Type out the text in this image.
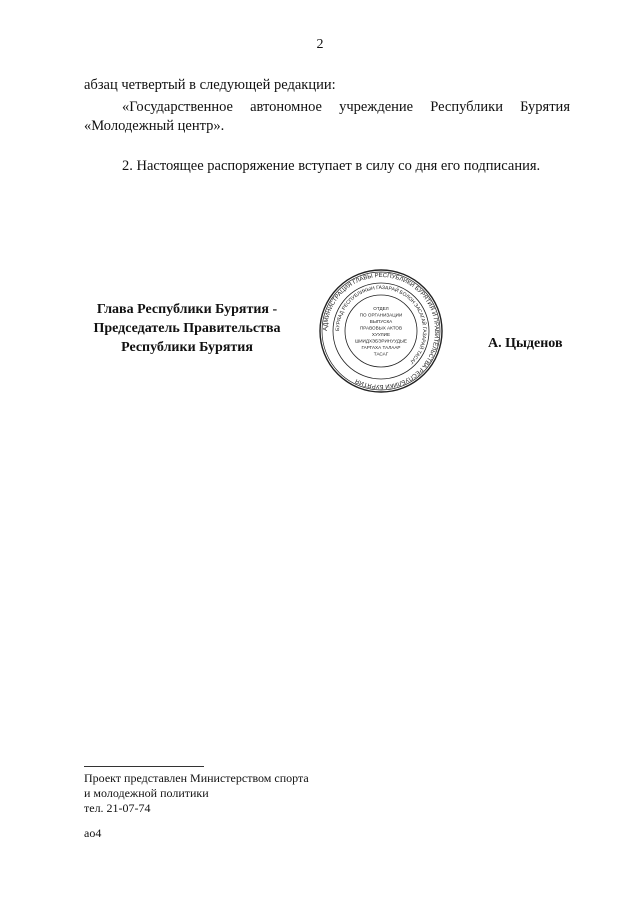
2
абзац четвертый в следующей редакции:
«Государственное автономное учреждение Республики Бурятия «Молодежный центр».
2. Настоящее распоряжение вступает в силу со дня его подписания.
Глава Республики Бурятия -
Председатель Правительства
Республики Бурятия
АДМИНИСТРАЦИЯ ГЛАВЫ РЕСПУБЛИКИ БУРЯТИЯ И ПРАВИТЕЛЬСТВА РЕСПУБЛИКИ БУРЯТИЯ
БУРЯАД РЕСПУБЛИКЫН ГАЗАРАЙ БОЛОН ЗАСАГАЙ ГАЗАРАЙ ТАСАГ
ОТДЕЛ
ПО ОРГАНИЗАЦИИ
ВЫПУСКА
ПРАВОВЫХ АКТОВ
ХУУЛИЕ
ШИИДХЭБЭРИНУУДЫЕ
ГАРГАХА ТАЛААР
ТАСАГ
А. Цыденов
Проект представлен Министерством спорта
и молодежной политики
тел. 21-07-74
ао4
